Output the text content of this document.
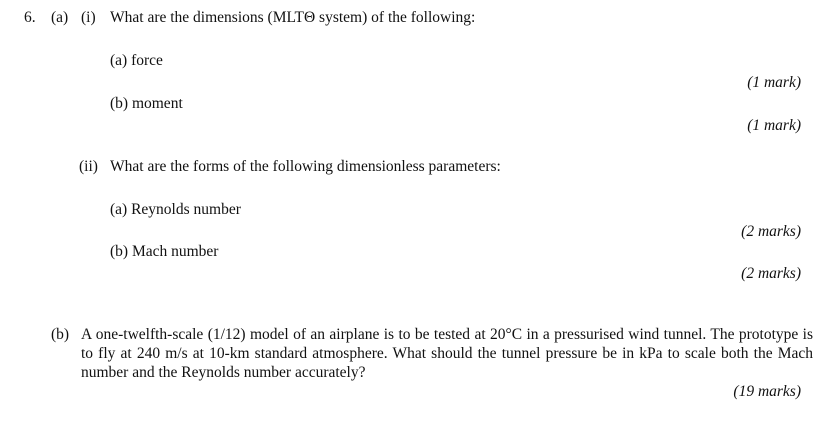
6. (a) (i) What are the dimensions (MLTΘ system) of the following:
(a) force
(1 mark)
(b) moment
(1 mark)
(ii) What are the forms of the following dimensionless parameters:
(a) Reynolds number
(2 marks)
(b) Mach number
(2 marks)
(b) A one-twelfth-scale (1/12) model of an airplane is to be tested at 20°C in a pressurised wind tunnel. The prototype is to fly at 240 m/s at 10-km standard atmosphere. What should the tunnel pressure be in kPa to scale both the Mach number and the Reynolds number accurately?
(19 marks)
